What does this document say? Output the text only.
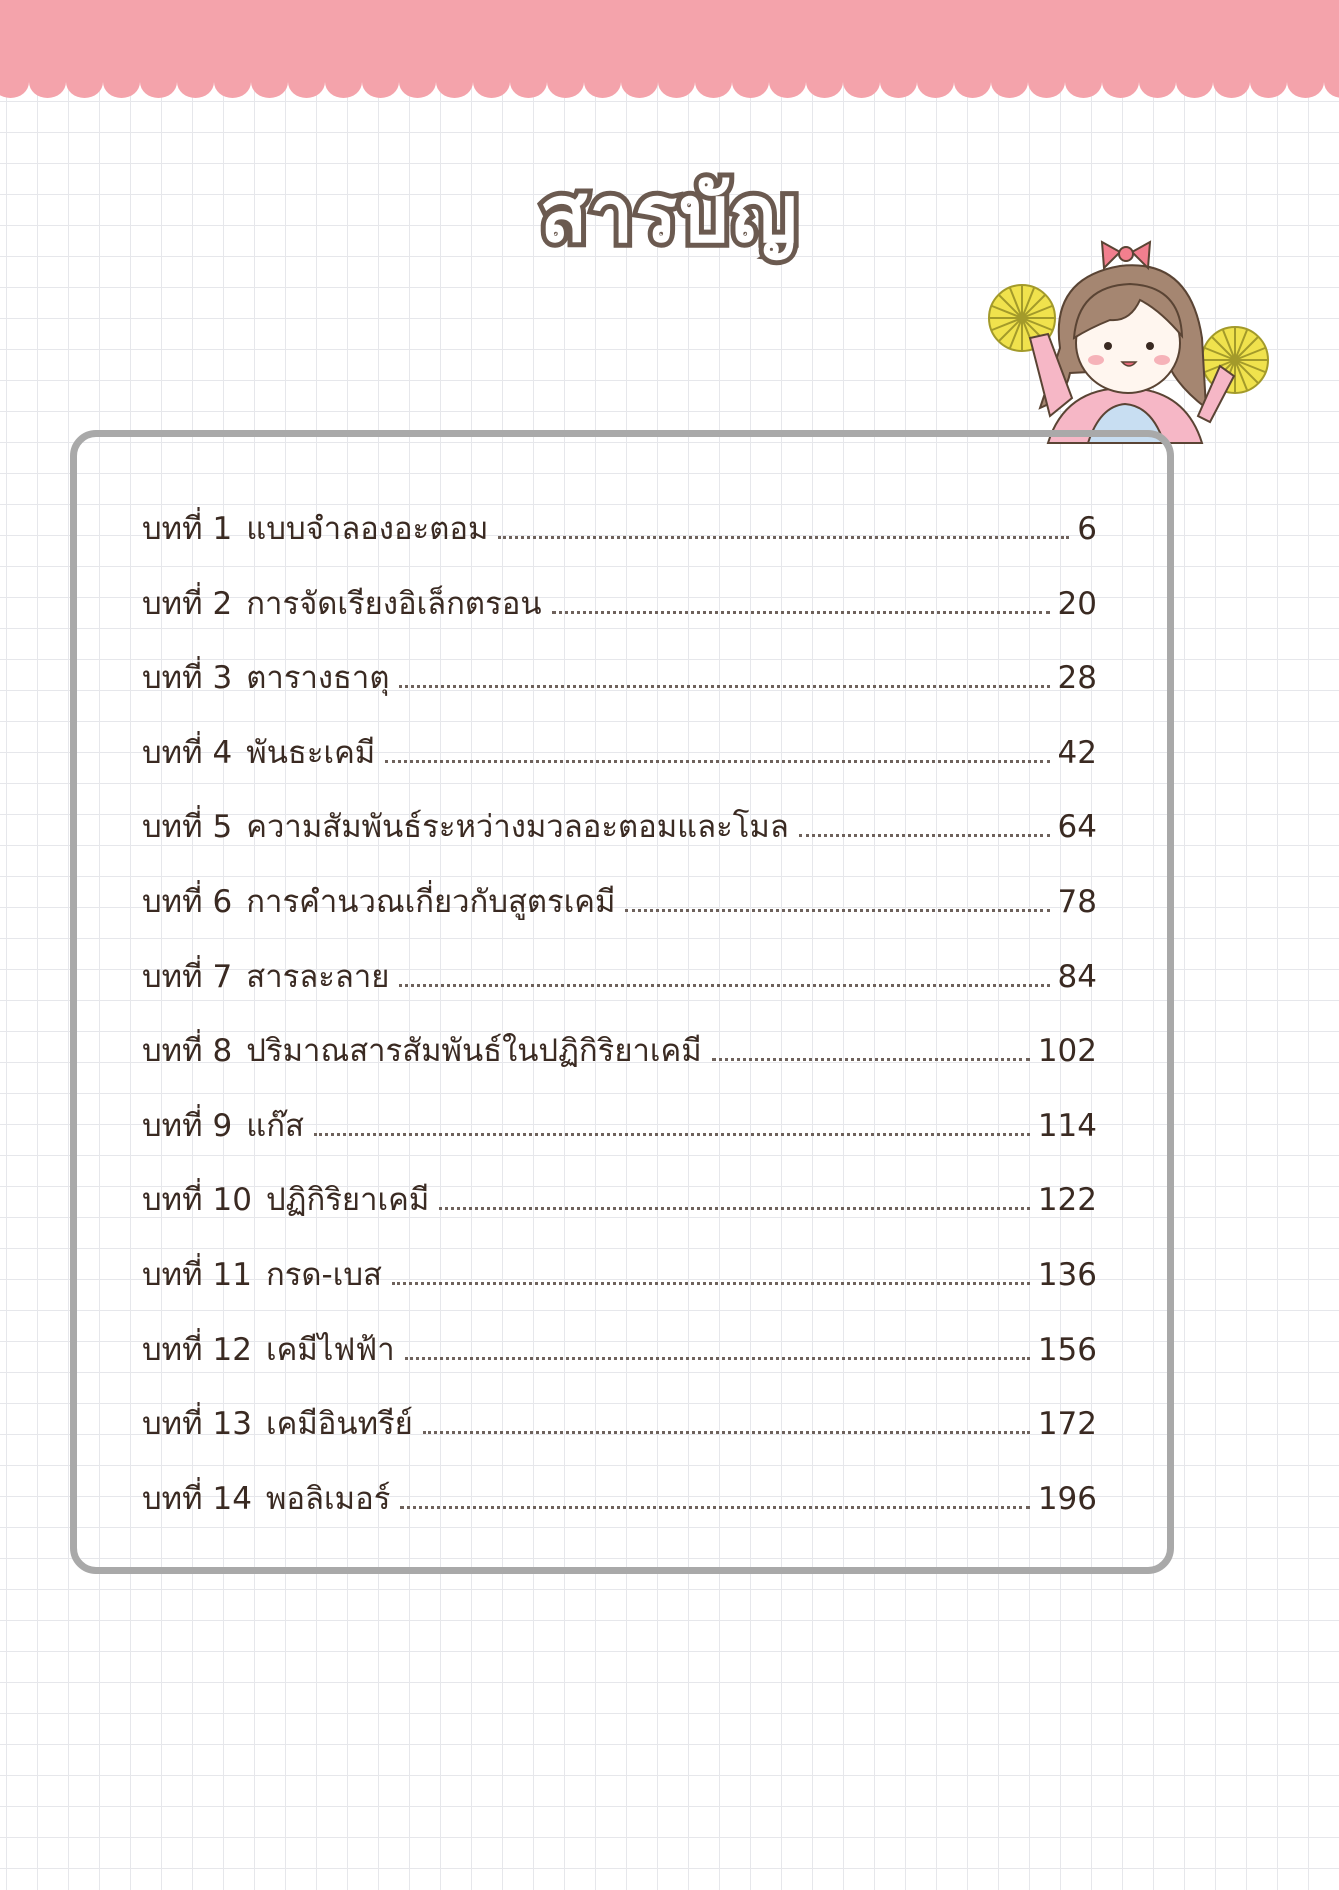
สารบัญ
บทที่ 1 แบบจำลองอะตอม	6
บทที่ 2 การจัดเรียงอิเล็กตรอน	20
บทที่ 3 ตารางธาตุ	28
บทที่ 4 พันธะเคมี	42
บทที่ 5 ความสัมพันธ์ระหว่างมวลอะตอมและโมล	64
บทที่ 6 การคำนวณเกี่ยวกับสูตรเคมี	78
บทที่ 7 สารละลาย	84
บทที่ 8 ปริมาณสารสัมพันธ์ในปฏิกิริยาเคมี	102
บทที่ 9 แก๊ส	114
บทที่ 10 ปฏิกิริยาเคมี	122
บทที่ 11 กรด-เบส	136
บทที่ 12 เคมีไฟฟ้า	156
บทที่ 13 เคมีอินทรีย์	172
บทที่ 14 พอลิเมอร์	196
